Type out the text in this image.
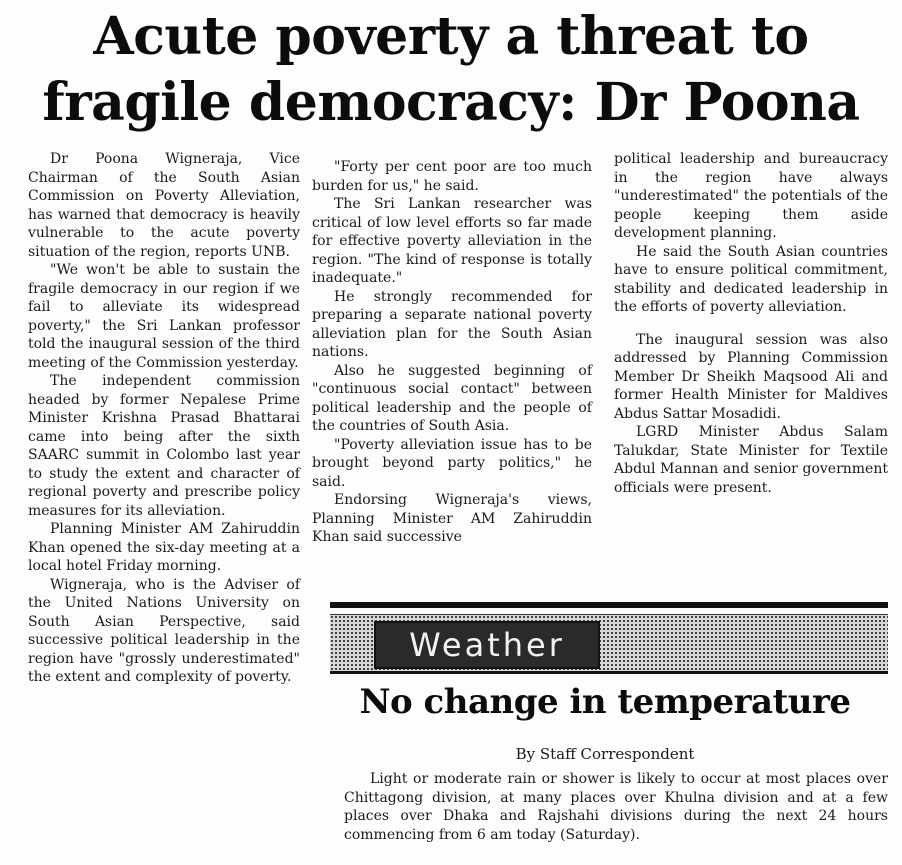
Acute poverty a threat to fragile democracy: Dr Poona

Dr Poona Wigneraja, Vice Chairman of the South Asian Commission on Poverty Alleviation, has warned that democracy is heavily vulnerable to the acute poverty situation of the region, reports UNB.

"We won't be able to sustain the fragile democracy in our region if we fail to alleviate its widespread poverty," the Sri Lankan professor told the inaugural session of the third meeting of the Commission yesterday.

The independent commission headed by former Nepalese Prime Minister Krishna Prasad Bhattarai came into being after the sixth SAARC summit in Colombo last year to study the extent and character of regional poverty and prescribe policy measures for its alleviation.

Planning Minister AM Zahiruddin Khan opened the six-day meeting at a local hotel Friday morning.

Wigneraja, who is the Adviser of the United Nations University on South Asian Perspective, said successive political leadership in the region have "grossly underestimated" the extent and complexity of poverty.

"Forty per cent poor are too much burden for us," he said.

The Sri Lankan researcher was critical of low level efforts so far made for effective poverty alleviation in the region. "The kind of response is totally inadequate."

He strongly recommended for preparing a separate national poverty alleviation plan for the South Asian nations.

Also he suggested beginning of "continuous social contact" between political leadership and the people of the countries of South Asia.

"Poverty alleviation issue has to be brought beyond party politics," he said.

Endorsing Wigneraja's views, Planning Minister AM Zahiruddin Khan said successive

political leadership and bureaucracy in the region have always "underestimated" the potentials of the people keeping them aside development planning.

He said the South Asian countries have to ensure political commitment, stability and dedicated leadership in the efforts of poverty alleviation.

The inaugural session was also addressed by Planning Commission Member Dr Sheikh Maqsood Ali and former Health Minister for Maldives Abdus Sattar Mosadidi.

LGRD Minister Abdus Salam Talukdar, State Minister for Textile Abdul Mannan and senior government officials were present.

Weather
No change in temperature
By Staff Correspondent

Light or moderate rain or shower is likely to occur at most places over Chittagong division, at many places over Khulna division and at a few places over Dhaka and Rajshahi divisions during the next 24 hours commencing from 6 am today (Saturday).
